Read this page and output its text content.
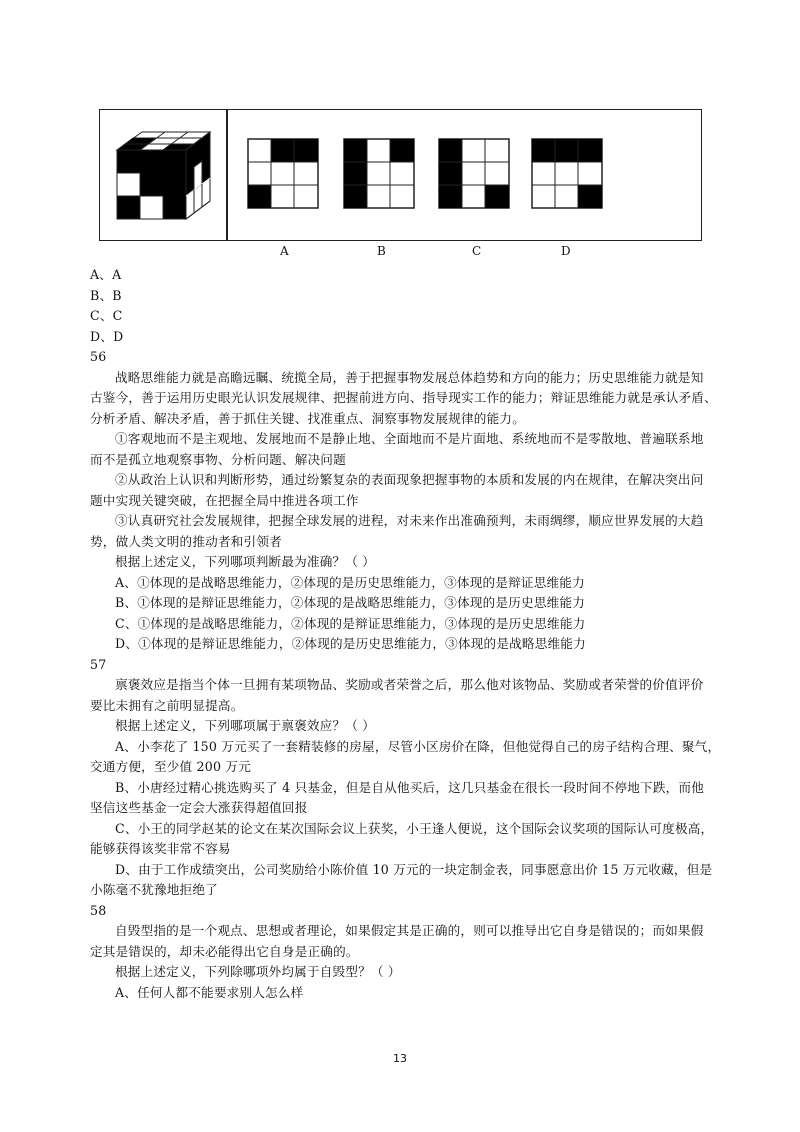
A	B	C	D
A、A
B、B
C、C
D、D
56
战略思维能力就是高瞻远瞩、统揽全局，善于把握事物发展总体趋势和方向的能力；历史思维能力就是知
古鉴今，善于运用历史眼光认识发展规律、把握前进方向、指导现实工作的能力；辩证思维能力就是承认矛盾、
分析矛盾、解决矛盾，善于抓住关键、找准重点、洞察事物发展规律的能力。
①客观地而不是主观地、发展地而不是静止地、全面地而不是片面地、系统地而不是零散地、普遍联系地
而不是孤立地观察事物、分析问题、解决问题
②从政治上认识和判断形势，通过纷繁复杂的表面现象把握事物的本质和发展的内在规律，在解决突出问
题中实现关键突破，在把握全局中推进各项工作
③认真研究社会发展规律，把握全球发展的进程，对未来作出准确预判，未雨绸缪，顺应世界发展的大趋
势，做人类文明的推动者和引领者
根据上述定义，下列哪项判断最为准确？（ ）
A、①体现的是战略思维能力，②体现的是历史思维能力，③体现的是辩证思维能力
B、①体现的是辩证思维能力，②体现的是战略思维能力，③体现的是历史思维能力
C、①体现的是战略思维能力，②体现的是辩证思维能力，③体现的是历史思维能力
D、①体现的是辩证思维能力，②体现的是历史思维能力，③体现的是战略思维能力
57
禀褒效应是指当个体一旦拥有某项物品、奖励或者荣誉之后，那么他对该物品、奖励或者荣誉的价值评价
要比未拥有之前明显提高。
根据上述定义，下列哪项属于禀褒效应？（ ）
A、小李花了 150 万元买了一套精装修的房屋，尽管小区房价在降，但他觉得自己的房子结构合理、聚气，
交通方便，至少值 200 万元
B、小唐经过精心挑选购买了 4 只基金，但是自从他买后，这几只基金在很长一段时间不停地下跌，而他
坚信这些基金一定会大涨获得超值回报
C、小王的同学赵某的论文在某次国际会议上获奖，小王逢人便说，这个国际会议奖项的国际认可度极高，
能够获得该奖非常不容易
D、由于工作成绩突出，公司奖励给小陈价值 10 万元的一块定制金表，同事愿意出价 15 万元收藏，但是
小陈毫不犹豫地拒绝了
58
自毁型指的是一个观点、思想或者理论，如果假定其是正确的，则可以推导出它自身是错误的；而如果假
定其是错误的，却未必能得出它自身是正确的。
根据上述定义，下列除哪项外均属于自毁型？（ ）
A、任何人都不能要求别人怎么样
13
